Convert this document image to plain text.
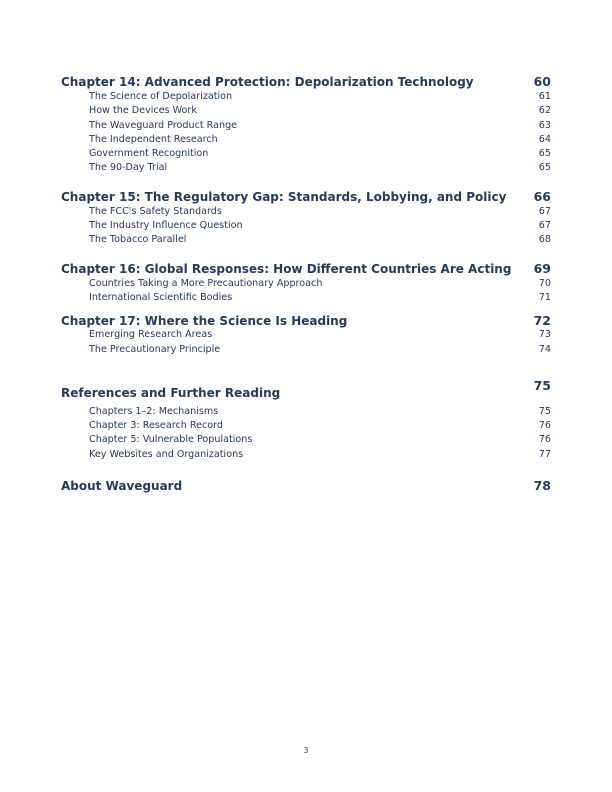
Chapter 14: Advanced Protection: Depolarization Technology	60
The Science of Depolarization	61
How the Devices Work	62
The Waveguard Product Range	63
The Independent Research	64
Government Recognition	65
The 90-Day Trial	65
Chapter 15: The Regulatory Gap: Standards, Lobbying, and Policy 66
The FCC's Safety Standards	67
The Industry Influence Question	67
The Tobacco Parallel	68
Chapter 16: Global Responses: How Different Countries Are Acting 69
Countries Taking a More Precautionary Approach	70
International Scientific Bodies	71
Chapter 17: Where the Science Is Heading	72
Emerging Research Areas	73
The Precautionary Principle	74
References and Further Reading	75
Chapters 1–2: Mechanisms	75
Chapter 3: Research Record	76
Chapter 5: Vulnerable Populations	76
Key Websites and Organizations	77
About Waveguard	78
3
